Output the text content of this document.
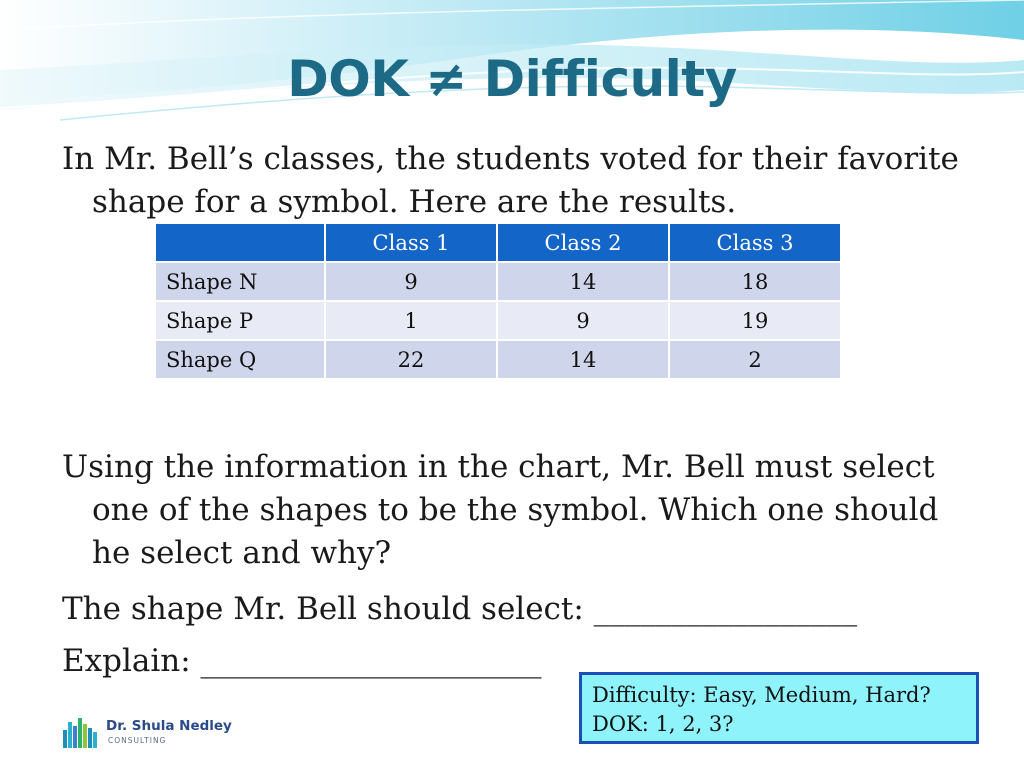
DOK ≠ Difficulty
In Mr. Bell’s classes, the students voted for their favorite
shape for a symbol. Here are the results.
	Class 1	Class 2	Class 3
Shape N	9	14	18
Shape P	1	9	19
Shape Q	22	14	2
Using the information in the chart, Mr. Bell must select
one of the shapes to be the symbol. Which one should
he select and why?
The shape Mr. Bell should select: _________________
Explain: ______________________
Difficulty: Easy, Medium, Hard?
DOK: 1, 2, 3?
Dr. Shula Nedley
CONSULTING
